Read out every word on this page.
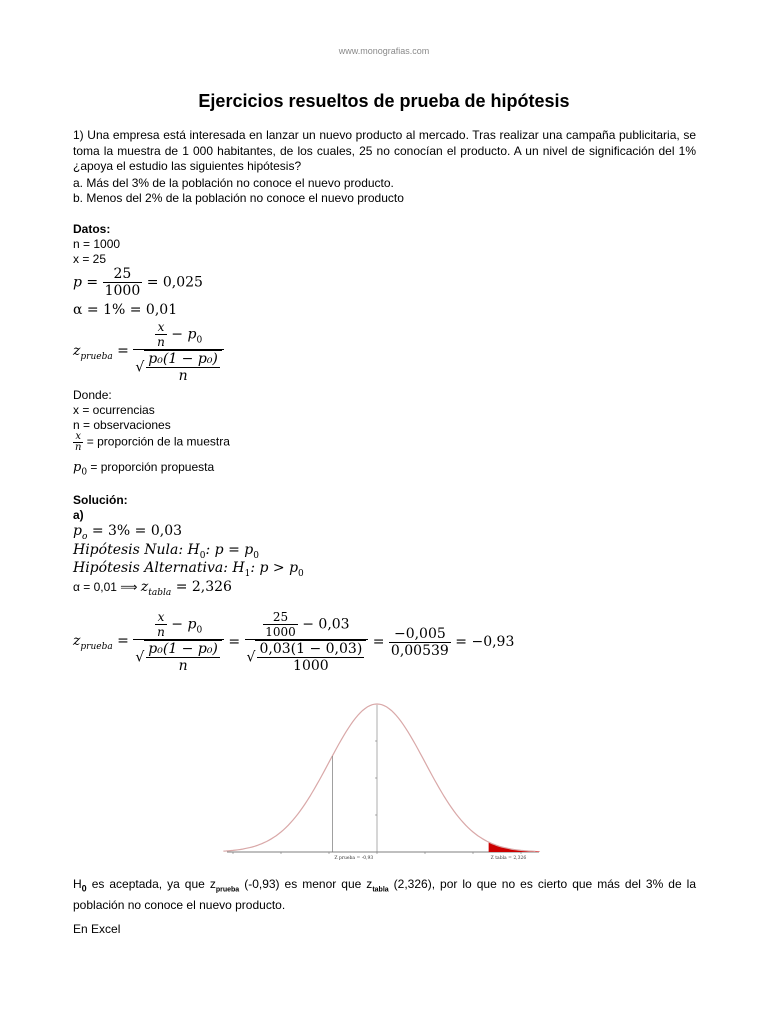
www.monografias.com
Ejercicios resueltos de prueba de hipótesis
1) Una empresa está interesada en lanzar un nuevo producto al mercado. Tras realizar una campaña publicitaria, se toma la muestra de 1 000 habitantes, de los cuales, 25 no conocían el producto. A un nivel de significación del 1% ¿apoya el estudio las siguientes hipótesis?
a. Más del 3% de la población no conoce el nuevo producto.
b. Menos del 2% de la población no conoce el nuevo producto
Datos:
n = 1000
x = 25
$p = \frac{25}{1000} = 0,025$
α = 1% = 0,01
$z_{prueba} = \frac{\frac{x}{n} - p_0}{√ \frac{\text{p₀(1 − p₀)}}{n}}$
Donde:
x = ocurrencias
n = observaciones
$\frac{x}{n}$ = proporción de la muestra
$p_0$ = proporción propuesta
Solución:
a)
$p_o = 3\% = 0,03$
Hipótesis Nula: $H_0$: $p = p_0$
Hipótesis Alternativa: $H_1$: $p > p_0$
α = 0,01 ⟹ $z_{tabla} = 2,326$
$z_{prueba} = \frac{\frac{x}{n} - p_0}{√ \frac{\text{p₀(1 − p₀)}}{n}} = \frac{\frac{25}{1000} - 0,03}{√ \frac{0,03(1 - 0,03)}{1000}} = \frac{-0,005}{0,00539} = -0,93$
Z prueba = -0,93	Z tabla = 2,326
$H_0$ es aceptada, ya que $z_{prueba}$ (-0,93) es menor que $z_{tabla}$ (2,326), por lo que no es cierto que más del 3% de la población no conoce el nuevo producto.
En Excel
